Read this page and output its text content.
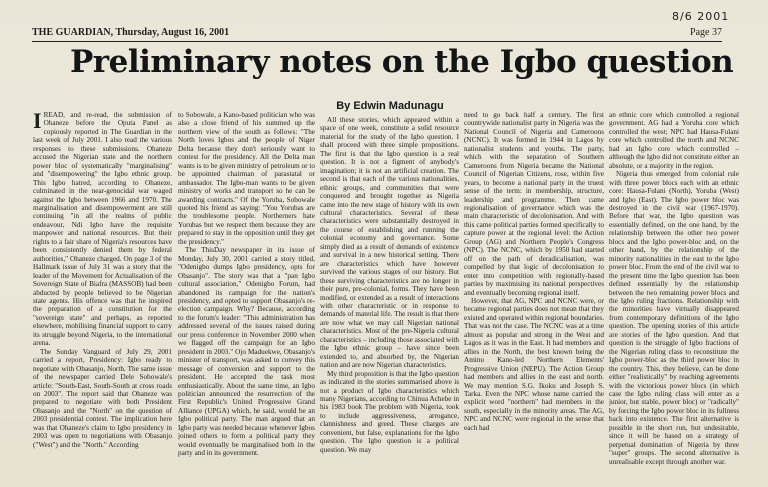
8/6 2001
THE GUARDIAN, Thursday, August 16, 2001	Page 37
Preliminary notes on the Igbo question
By Edwin Madunagu

IREAD, and re-read, the submission of Ohaneze before the Oputa Panel as copiously reported in The Guardian in the last week of July 2001. I also read the various responses to these submissions. Ohaneze accused the Nigerian state and the northern power bloc of systematically "marginalising" and "disempowering" the Igbo ethnic group. This Igbo hatred, according to Ohaneze, culminated in the near-genocidal war waged against the Igbo between 1966 and 1970. The marginalisation and disempowerment are still continuing "in all the realms of public endeavour, Ndi Igbo have the requisite manpower and national resources. But their rights to a fair share of Nigeria's resources have been consistently denied them by federal authorities," Ohaneze charged. On page 3 of the Hallmark issue of July 31 was a story that the leader of the Movement for Actualisation of the Sovereign State of Biafra (MASSOB) had been abducted by people believed to be Nigerian state agents. His offence was that he inspired the preparation of a constitution for the "sovereign state" and perhaps, as reported elsewhere, mobilising financial support to carry its struggle beyond Nigeria, to the international arena.

The Sunday Vanguard of July 29, 2001 carried a report, Presidency: Igbo ready to negotiate with Obasanjo, North. The same issue of the newspaper carried Dele Sobowale's article: "South-East, South-South at cross roads on 2003". The report said that Ohaneze was prepared to negotiate with both President Obasanjo and the "North" on the question of 2003 presidential contest. The implication here was that Ohaneze's claim to Igbo presidency in 2003 was open to negotiations with Obasanjo ("West") and the "North." According

to Sobowale, a Kano-based politician who was also a close friend of his summed up the northern view of the south as follows: "The North loves Igbos and the people of Niger Delta because they don't seriously want to contest for the presidency. All the Delta man wants is to be given ministry of petroleum or to be appointed chairman of parastatal or ambassador. The Igbo-man wants to be given ministry of works and transport so he can be awarding contracts." Of the Yoruba, Sobowale quoted his friend as saying: "You Yorubas are the troublesome people. Northerners hate Yorubas but we respect them because they are prepared to stay in the opposition until they get the presidency."

The ThisDay newspaper in its issue of Monday, July 30, 2001 carried a story titled, "Odenigbo dumps Igbo presidency, opts for Obasanjo". The story was that a "pan Igbo cultural association," Odenigbo Forum, had abandoned its campaign for the nation's presidency, and opted to support Obasanjo's re-election campaign. Why? Because, according to the forum's leader: "This administration has addressed several of the issues raised during our press conference in November 2000 when we flagged off the campaign for an Igbo president in 2003." Ojo Maduekwe, Obasanjo's minister of transport, was asked to convey this message of conversion and support to the president. He accepted the task most enthusiastically. About the same time, an Igbo politician announced the resurrection of the First Republic's United Progressive Grand Alliance (UPGA) which, he said, would be an Igbo political party. The man argued that an Igbo party was needed because whenever Igbos joined others to form a political party they would eventually be marginalised both in the party and in its government.

All these stories, which appeared within a space of one week, constitute a solid resource material for the study of the Igbo question. I shall proceed with three simple propositions. The first is that the Igbo question is a real question. It is not a figment of anybody's imagination; it is not an artificial creation. The second is that each of the various nationalities, ethnic groups, and communities that were conquered and brought together as Nigeria came into the new stage of history with its own cultural characteristics. Several of these characteristics were substantially destroyed in the course of establishing and running the colonial economy and governance. Some simply died as a result of demands of existence and survival in a new historical setting. There are characteristics which have however survived the various stages of our history. But these surviving characteristics are no longer in their pure, pre-colonial, forms. They have been modified, or extended as a result of interactions with other characteristic or in response to demands of material life. The result is that there are now what we may call Nigerian national characteristics. Most of the pre-Nigeria cultural characteristics – including those associated with the Igbo ethnic group – have since been extended to, and absorbed by, the Nigerian nation and are now Nigerian characteristics.

My third proposition is that the Igbo question as indicated in the stories summarised above is not a product of Igbo characteristics which many Nigerians, according to Chinua Achebe in his 1983 book The problem with Nigeria, took to include aggressiveness, arrogance, clannishness and greed. These charges are convenient, but false, explanations for the Igbo question. The Igbo question is a political question. We may

need to go back half a century. The first countrywide nationalist party in Nigeria was the National Council of Nigeria and Cameroons (NCNC). It was formed in 1944 in Lagos by nationalist students and youths. The party, which with the separation of Southern Cameroons from Nigeria became the National Council of Nigerian Citizens, rose, within five years, to become a national party in the truest sense of the term: in membership, structure, leadership and programme. Then came regionalisation of governance which was the main characteristic of decolonisation. And with this came political parties formed specifically to capture power at the regional level: the Action Group (AG) and Northern People's Congress (NPC). The NCNC, which by 1950 had started off on the path of deradicalisation, was compelled by that logic of decolonisation to enter into competition with regionally-based parties by maximising its national perspectives and eventually becoming regional itself.

However, that AG, NPC and NCNC were, or became regional parties does not mean that they existed and operated within regional boundaries. That was not the case. The NCNC was at a time almost as popular and strong in the West and Lagos as it was in the East. It had members and allies in the North, the best known being the Aminu Kano-led Northern Elements' Progressive Union (NEPU). The Action Group had members and allies in the east and north. We may mention S.G. Ikoku and Joseph S. Tarka. Even the NPC whose name carried the explicit word "northern" had members in the south, especially in the minority areas. The AG, NPC and NCNC were regional in the sense that each had

an ethnic core which controlled a regional government. AG had a Yoruba core which controlled the west; NPC had Hausa-Fulani core which controlled the north and NCNC had an Igbo core which controlled – although the Igbo did not constitute either an absolute, or a majority in the region.

Nigeria thus emerged from colonial rule with three power blocs each with an ethnic core: Hausa-Fulani (North), Yoruba (West) and Igbo (East). The Igbo power bloc was destroyed in the civil war (1967-1970). Before that war, the Igbo question was essentially defined, on the one hand, by the relationship between the other two power blocs and the Igbo power-bloc and, on the other hand, by the relationship of the minority nationalities in the east to the Igbo power bloc. From the end of the civil war to the present time the Igbo question has been defined essentially by the relationship between the two remaining power blocs and the Igbo ruling fractions. Relationship with the minorities have virtually disappeared from contemporary definitions of the Igbo question. The opening stories of this article are stories of the Igbo question. And that question is the struggle of Igbo fractions of the Nigerian ruling class to reconstitute the Igbo power-bloc as the third power bloc in the country. This, they believe, can be done either "realistically" by reaching agreements with the victorious power blocs (in which case the Igbo ruling class will enter as a junior, but stable, power bloc) or "radically" by forcing the Igbo power bloc in its fullness back into existence. The first alternative is possible in the short run, but undesirable, since it will be based on a strategy of perpetual domination of Nigeria by three "super" groups. The second alternative is unrealisable except through another war.
